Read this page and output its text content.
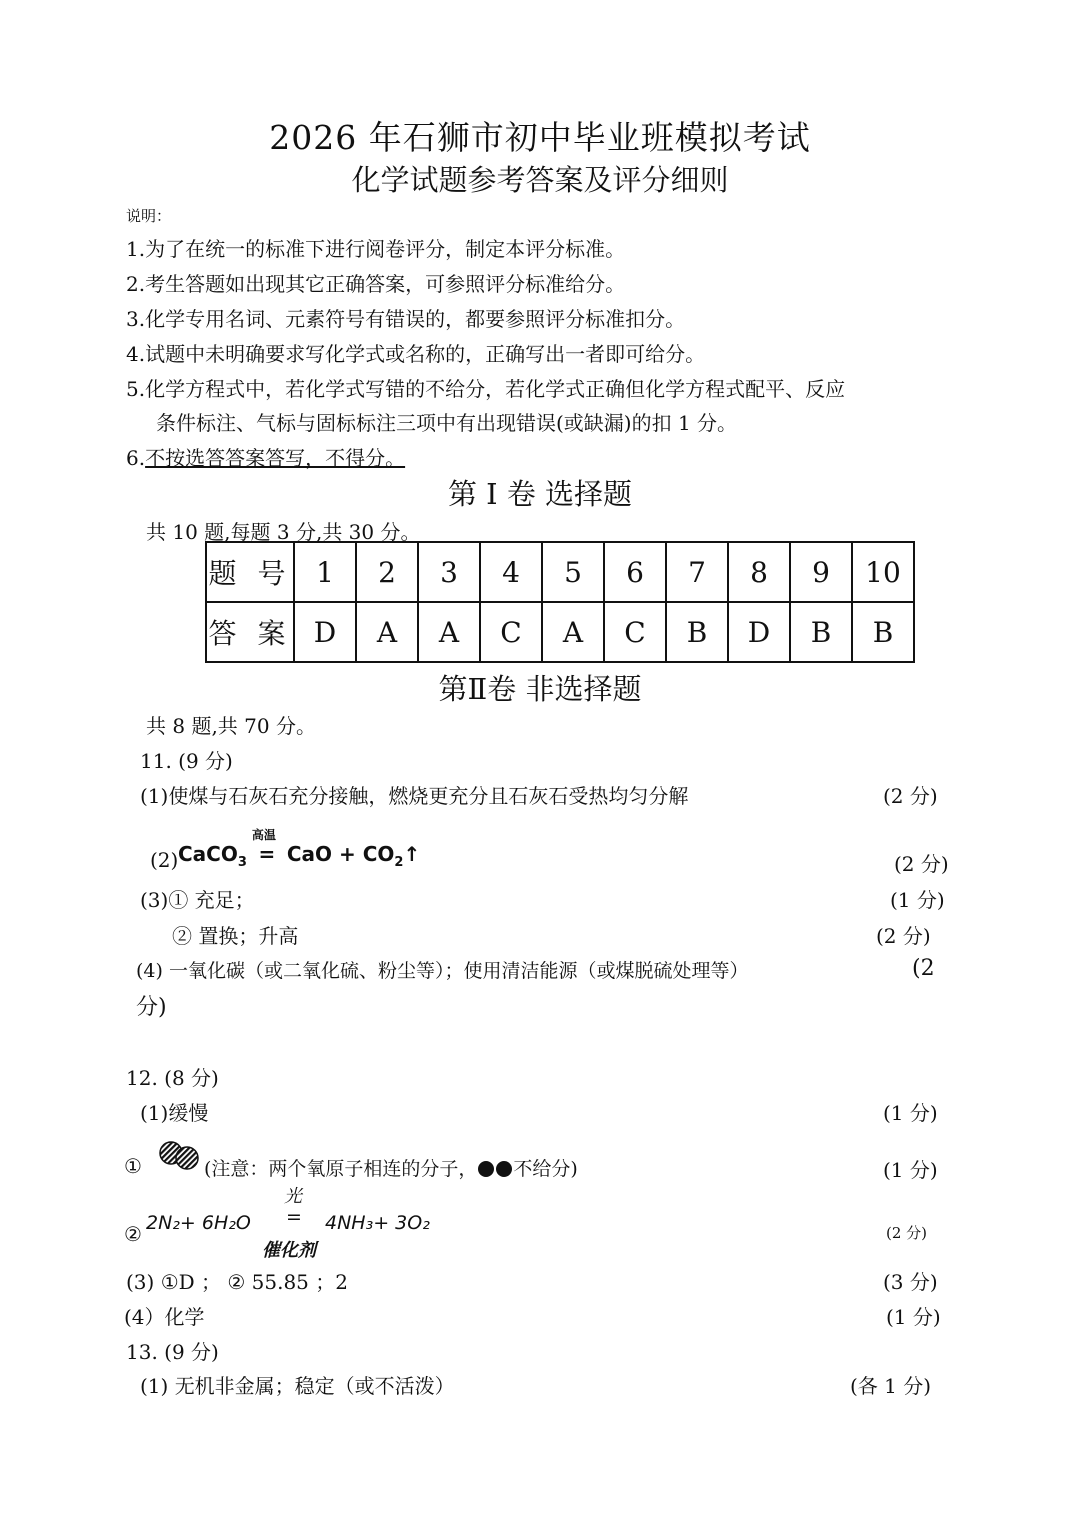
2026 年石狮市初中毕业班模拟考试
化学试题参考答案及评分细则
说明：
1.为了在统一的标准下进行阅卷评分，制定本评分标准。
2.考生答题如出现其它正确答案，可参照评分标准给分。
3.化学专用名词、元素符号有错误的，都要参照评分标准扣分。
4.试题中未明确要求写化学式或名称的，正确写出一者即可给分。
5.化学方程式中，若化学式写错的不给分，若化学式正确但化学方程式配平、反应
条件标注、气标与固标标注三项中有出现错误(或缺漏)的扣 1 分。
6.不按选答答案答写，不得分。
第 I 卷 选择题
共 10 题,每题 3 分,共 30 分。
题 号	1	2	3	4	5	6	7	8	9	10
答 案	D	A	A	C	A	C	B	D	B	B
第Ⅱ卷 非选择题
共 8 题,共 70 分。
11. (9 分)
(1)使煤与石灰石充分接触，燃烧更充分且石灰石受热均匀分解	(2 分)
(2) CaCO$_3$
高温
= CaO + $CO_2↑$	(2 分)
(3)① 充足；	(1 分)
② 置换；升高	(2 分)
(4) 一氧化碳（或二氧化硫、粉尘等）；使用清洁能源（或煤脱硫处理等）	(2
分)
12. (8 分)
(1)缓慢	(1 分)
①	(注意：两个氧原子相连的分子， 不给分)	(1 分)
② 2N₂+ 6H₂O
光
=
催化剂
4NH₃+ 3O₂	(2 分)
(3) ①D ； ② 55.85 ；2	(3 分)
(4）化学	(1 分)
13. (9 分)
(1) 无机非金属；稳定（或不活泼）	(各 1 分)
